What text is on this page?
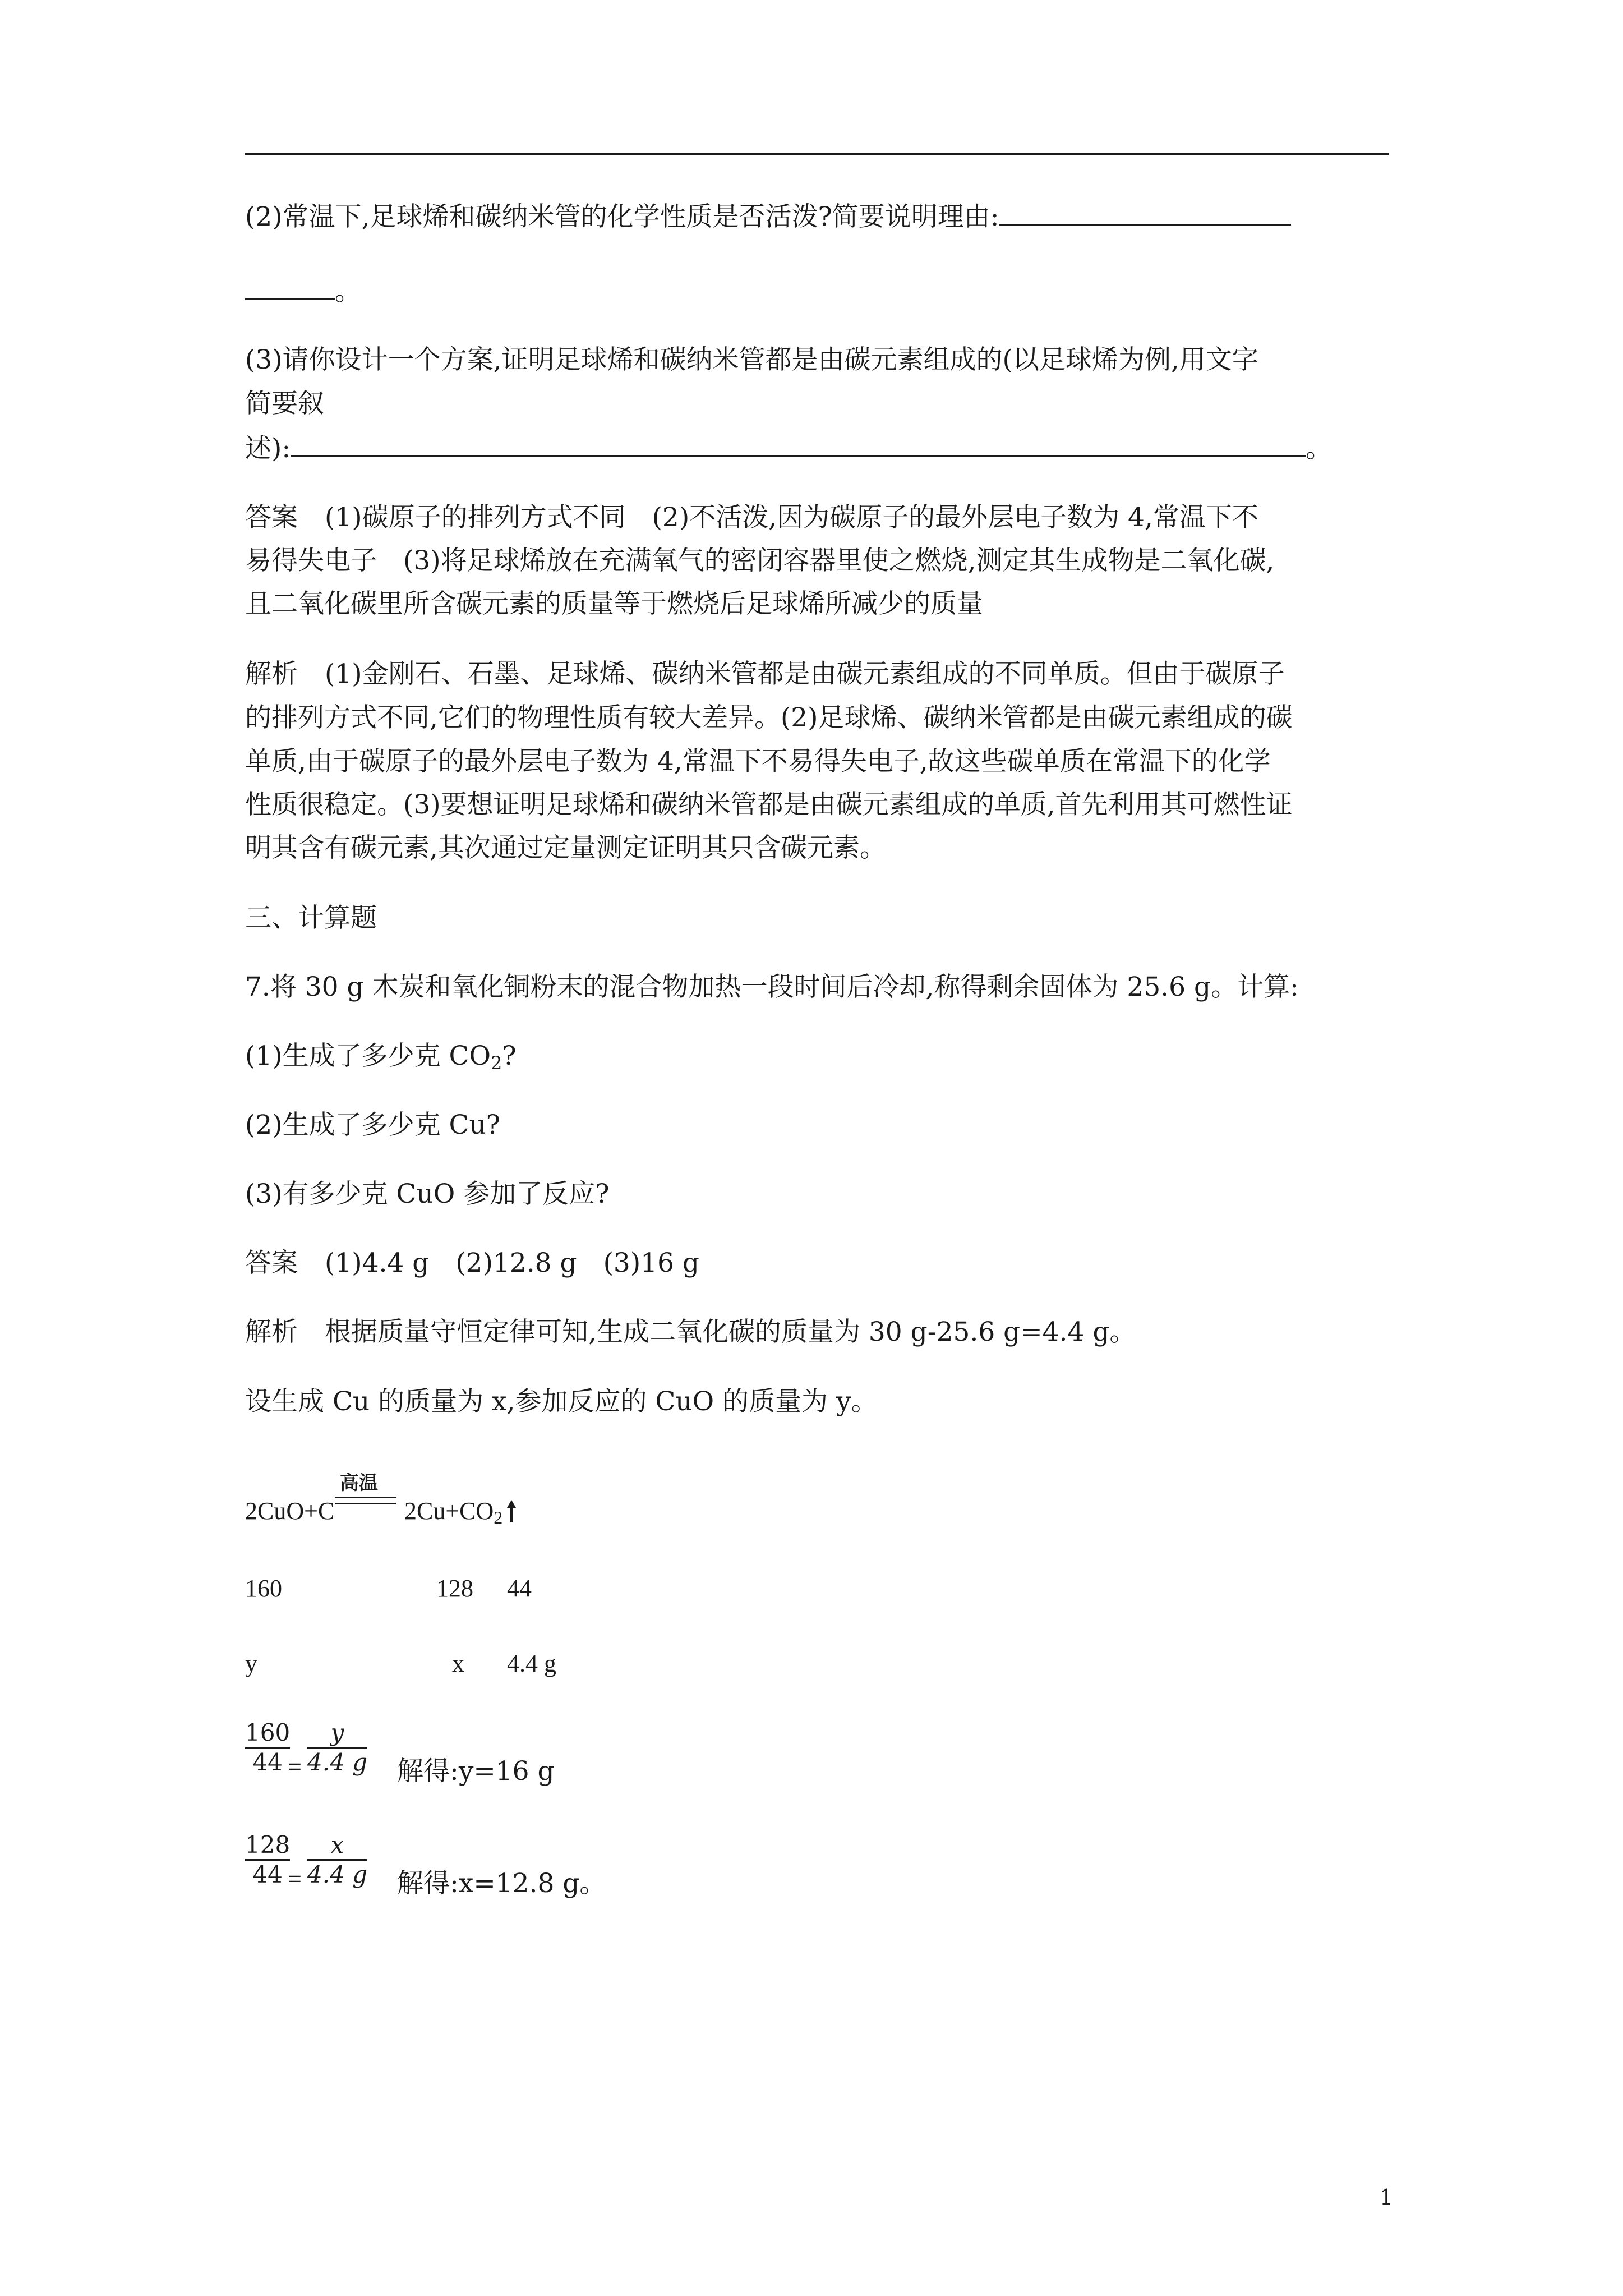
(2)常温下,足球烯和碳纳米管的化学性质是否活泼?简要说明理由:
。
(3)请你设计一个方案,证明足球烯和碳纳米管都是由碳元素组成的(以足球烯为例,用文字
简要叙
述):	。
答案 (1)碳原子的排列方式不同　(2)不活泼,因为碳原子的最外层电子数为 4,常温下不
易得失电子　(3)将足球烯放在充满氧气的密闭容器里使之燃烧,测定其生成物是二氧化碳,
且二氧化碳里所含碳元素的质量等于燃烧后足球烯所减少的质量
解析 (1)金刚石、石墨、足球烯、碳纳米管都是由碳元素组成的不同单质。但由于碳原子
的排列方式不同,它们的物理性质有较大差异。(2)足球烯、碳纳米管都是由碳元素组成的碳
单质,由于碳原子的最外层电子数为 4,常温下不易得失电子,故这些碳单质在常温下的化学
性质很稳定。(3)要想证明足球烯和碳纳米管都是由碳元素组成的单质,首先利用其可燃性证
明其含有碳元素,其次通过定量测定证明其只含碳元素。
三、计算题
7.将 30 g 木炭和氧化铜粉末的混合物加热一段时间后冷却,称得剩余固体为 25.6 g。计算:
(1)生成了多少克 $CO_2$?
(2)生成了多少克 Cu?
(3)有多少克 CuO 参加了反应?
答案 (1)4.4 g　(2)12.8 g　(3)16 g
解析 根据质量守恒定律可知,生成二氧化碳的质量为 30 g-25.6 g=4.4 g。
设生成 Cu 的质量为 x,参加反应的 CuO 的质量为 y。
2CuO+C
高温
$2Cu+CO_2$
160	128 44
y	x 4.4 g
160
44 =
y
4.4 g 解得:y=16 g
128
44 =
x
4.4 g 解得:x=12.8 g。
1
